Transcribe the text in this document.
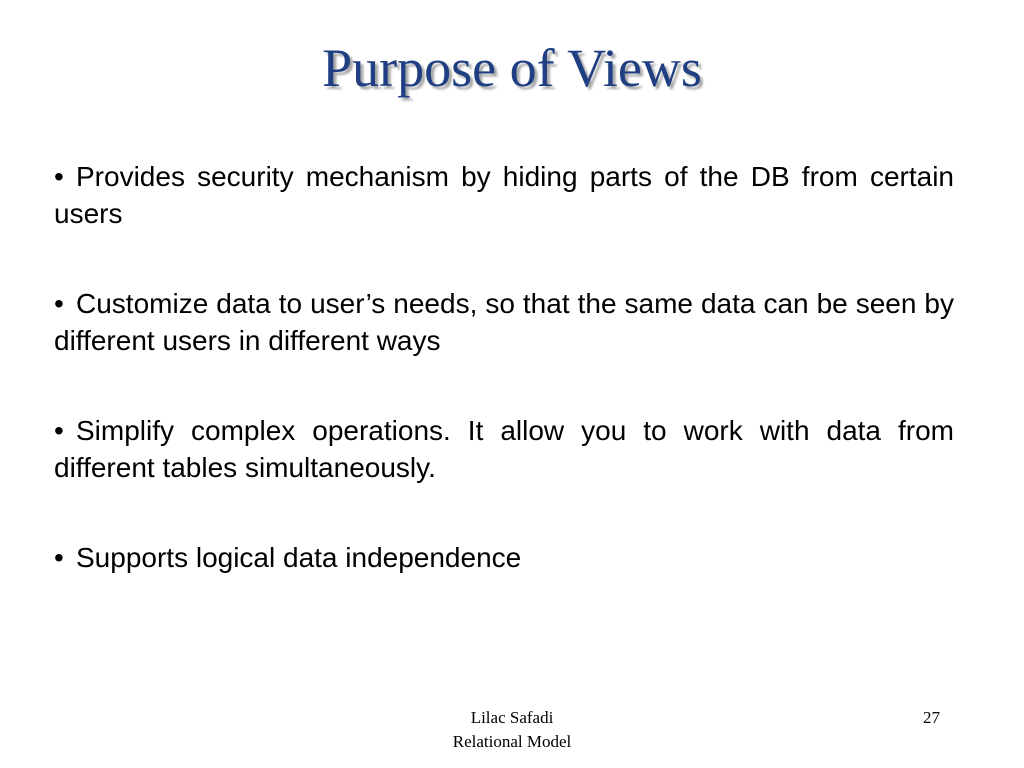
Purpose of Views
• Provides security mechanism by hiding parts of the DB from certain users
• Customize data to user’s needs, so that the same data can be seen by different users in different ways
• Simplify complex operations. It allow you to work with data from different tables simultaneously.
• Supports logical data independence
Lilac Safadi
Relational Model
27
